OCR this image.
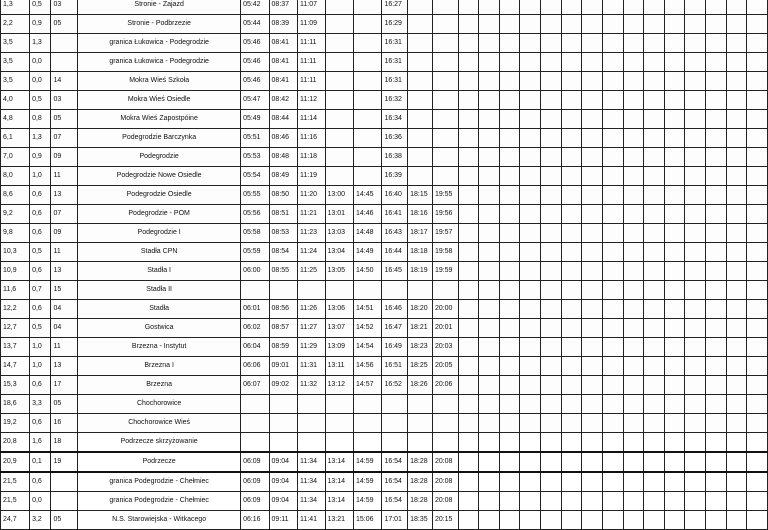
1,3	0,5	03	Stronie - Zajazd	05:42	08:37	11:07			16:27																	
2,2	0,9	05	Stronie - Podbrzezie	05:44	08:39	11:09			16:29																	
3,5	1,3		granica Łukowica - Podegrodzie	05:46	08:41	11:11			16:31																	
3,5	0,0		granica Łukowica - Podegrodzie	05:46	08:41	11:11			16:31																	
3,5	0,0	14	Mokra Wieś Szkoła	05:46	08:41	11:11			16:31																	
4,0	0,5	03	Mokra Wieś Osiedle	05:47	08:42	11:12			16:32																	
4,8	0,8	05	Mokra Wieś Zapostpóine	05:49	08:44	11:14			16:34																	
6,1	1,3	07	Podegrodzie Barczynka	05:51	08:46	11:16			16:36																	
7,0	0,9	09	Podegrodzie	05:53	08:48	11:18			16:38																	
8,0	1,0	11	Podegrodzie Nowe Osiedle	05:54	08:49	11:19			16:39																	
8,6	0,6	13	Podegrodzie Osiedle	05:55	08:50	11:20	13:00	14:45	16:40	18:15	19:55															
9,2	0,6	07	Podegrodzie - POM	05:56	08:51	11:21	13:01	14:46	16:41	18:16	19:56															
9,8	0,6	09	Podegrodzie I	05:58	08:53	11:23	13:03	14:48	16:43	18:17	19:57															
10,3	0,5	11	Stadła CPN	05:59	08:54	11:24	13:04	14:49	16:44	18:18	19:58															
10,9	0,6	13	Stadła I	06:00	08:55	11:25	13:05	14:50	16:45	18:19	19:59															
11,6	0,7	15	Stadła II																							
12,2	0,6	04	Stadła	06:01	08:56	11:26	13:06	14:51	16:46	18:20	20:00															
12,7	0,5	04	Gostwica	06:02	08:57	11:27	13:07	14:52	16:47	18:21	20:01															
13,7	1,0	11	Brzezna - Instytut	06:04	08:59	11:29	13:09	14:54	16:49	18:23	20:03															
14,7	1,0	13	Brzezna I	06:06	09:01	11:31	13:11	14:56	16:51	18:25	20:05															
15,3	0,6	17	Brzezna	06:07	09:02	11:32	13:12	14:57	16:52	18:26	20:06															
18,6	3,3	05	Chochorowice																							
19,2	0,6	16	Chochorowice Wieś																							
20,8	1,6	18	Podrzecze skrzyżowanie																							
20,9	0,1	19	Podrzecze	06:09	09:04	11:34	13:14	14:59	16:54	18:28	20:08															
21,5	0,6		granica Podegrodzie - Chełmiec	06:09	09:04	11:34	13:14	14:59	16:54	18:28	20:08															
21,5	0,0		granica Podegrodzie - Chełmiec	06:09	09:04	11:34	13:14	14:59	16:54	18:28	20:08															
24,7	3,2	05	N.S. Starowiejska - Witkacego	06:16	09:11	11:41	13:21	15:06	17:01	18:35	20:15															
